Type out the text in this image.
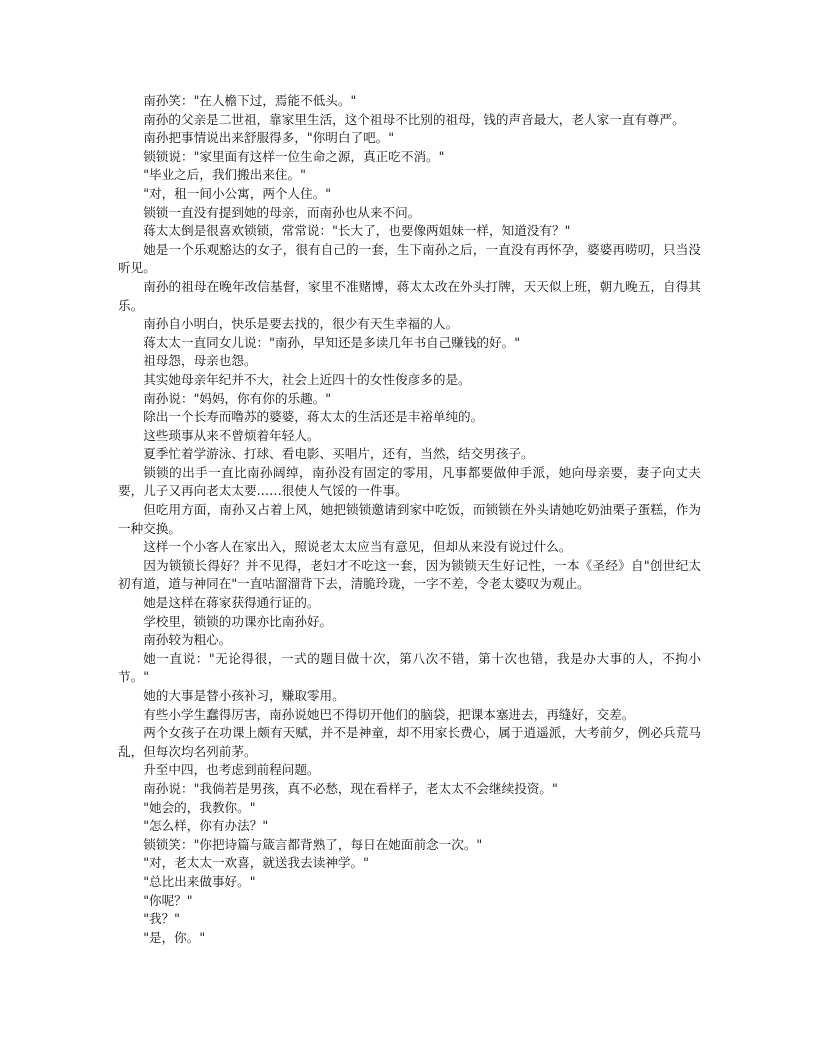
南孙笑："在人檐下过，焉能不低头。"

南孙的父亲是二世祖，靠家里生活，这个祖母不比别的祖母，钱的声音最大，老人家一直有尊严。

南孙把事情说出来舒服得多，"你明白了吧。"

锁锁说："家里面有这样一位生命之源，真正吃不消。"

"毕业之后，我们搬出来住。"

"对，租一间小公寓，两个人住。"

锁锁一直没有提到她的母亲，而南孙也从来不问。

蒋太太倒是很喜欢锁锁，常常说："长大了，也要像两姐妹一样，知道没有？"

她是一个乐观豁达的女子，很有自己的一套，生下南孙之后，一直没有再怀孕，婆婆再唠叨，只当没听见。

南孙的祖母在晚年改信基督，家里不准赌博，蒋太太改在外头打牌，天天似上班，朝九晚五，自得其乐。

南孙自小明白，快乐是要去找的，很少有天生幸福的人。

蒋太太一直同女儿说："南孙，早知还是多读几年书自己赚钱的好。"

祖母怨，母亲也怨。

其实她母亲年纪并不大，社会上近四十的女性俊彦多的是。

南孙说："妈妈，你有你的乐趣。"

除出一个长寿而噜苏的婆婆，蒋太太的生活还是丰裕单纯的。

这些琐事从来不曾烦着年轻人。

夏季忙着学游泳、打球、看电影、买唱片，还有，当然，结交男孩子。

锁锁的出手一直比南孙阔绰，南孙没有固定的零用，凡事都要做伸手派，她向母亲要，妻子向丈夫要，儿子又再向老太太要……很使人气馁的一件事。

但吃用方面，南孙又占着上风，她把锁锁邀请到家中吃饭，而锁锁在外头请她吃奶油栗子蛋糕，作为一种交换。

这样一个小客人在家出入，照说老太太应当有意见，但却从来没有说过什么。

因为锁锁长得好？并不见得，老妇才不吃这一套，因为锁锁天生好记性，一本《圣经》自"创世纪太初有道，道与神同在"一直咕溜溜背下去，清脆玲珑，一字不差，令老太婆叹为观止。

她是这样在蒋家获得通行证的。

学校里，锁锁的功课亦比南孙好。

南孙较为粗心。

她一直说："无论得很，一式的题目做十次，第八次不错，第十次也错，我是办大事的人，不拘小节。"

她的大事是替小孩补习，赚取零用。

有些小学生蠢得厉害，南孙说她巴不得切开他们的脑袋，把课本塞进去，再缝好，交差。

两个女孩子在功课上颇有天赋，并不是神童，却不用家长费心，属于逍遥派，大考前夕，例必兵荒马乱，但每次均名列前茅。

升至中四，也考虑到前程问题。

南孙说："我倘若是男孩，真不必愁，现在看样子，老太太不会继续投资。"

"她会的，我教你。"

"怎么样，你有办法？"

锁锁笑："你把诗篇与箴言都背熟了，每日在她面前念一次。"

"对，老太太一欢喜，就送我去读神学。"

"总比出来做事好。"

"你呢？"

"我？"

"是，你。"
